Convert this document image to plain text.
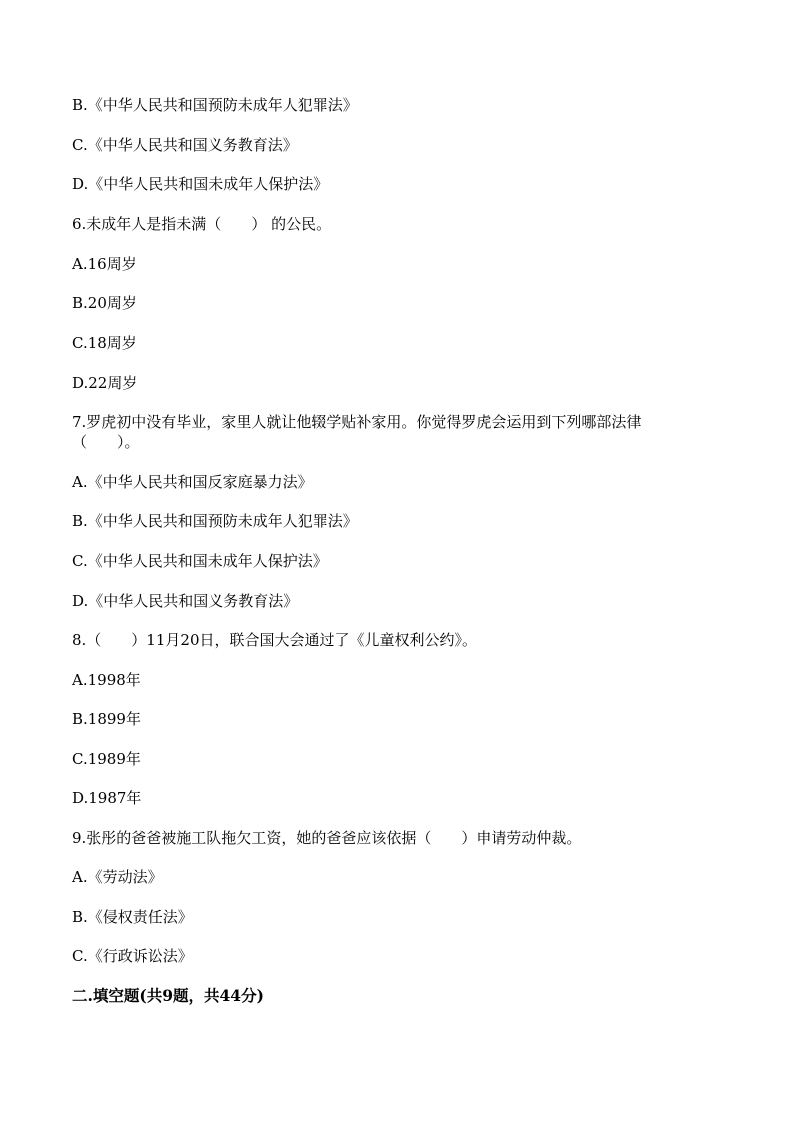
B.《中华人民共和国预防未成年人犯罪法》
C.《中华人民共和国义务教育法》
D.《中华人民共和国未成年人保护法》
6.未成年人是指未满（　　） 的公民。
A.16周岁
B.20周岁
C.18周岁
D.22周岁
7.罗虎初中没有毕业，家里人就让他辍学贴补家用。你觉得罗虎会运用到下列哪部法律
（　　）。
A.《中华人民共和国反家庭暴力法》
B.《中华人民共和国预防未成年人犯罪法》
C.《中华人民共和国未成年人保护法》
D.《中华人民共和国义务教育法》
8.（　　）11月20日，联合国大会通过了《儿童权利公约》。
A.1998年
B.1899年
C.1989年
D.1987年
9.张彤的爸爸被施工队拖欠工资，她的爸爸应该依据（　　）申请劳动仲裁。
A.《劳动法》
B.《侵权责任法》
C.《行政诉讼法》
二.填空题(共9题，共44分)
